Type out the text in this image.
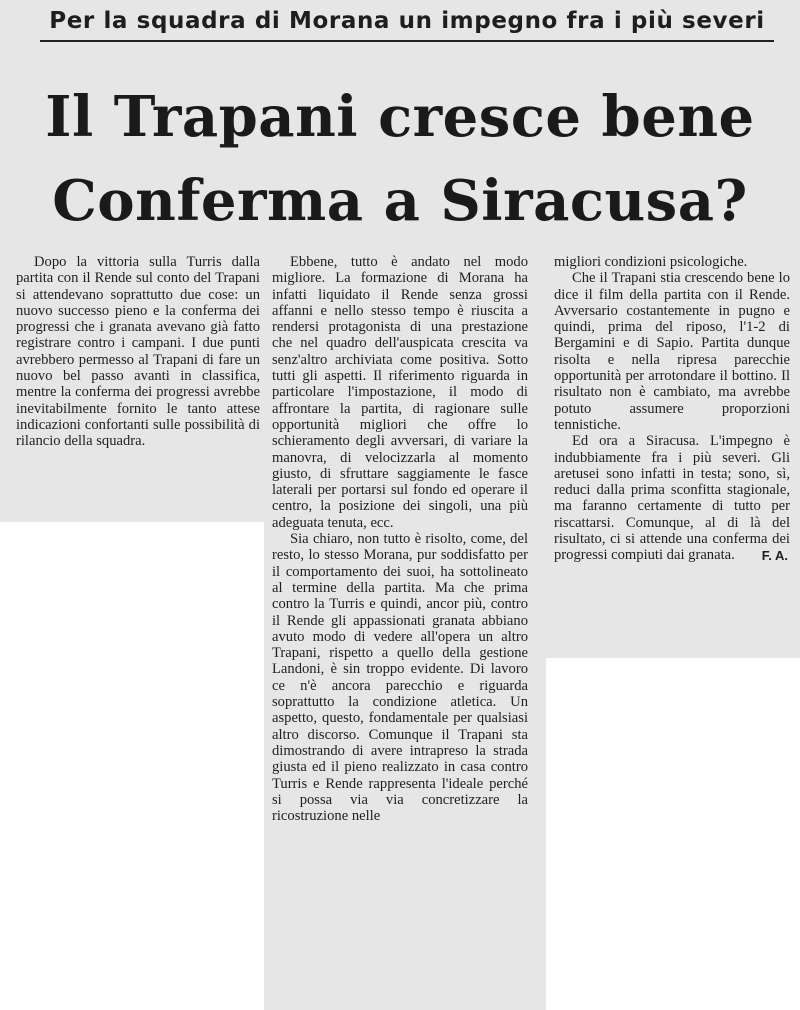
Per la squadra di Morana un impegno fra i più severi
Il Trapani cresce bene
Conferma a Siracusa?

Dopo la vittoria sulla Turris dalla partita con il Rende sul conto del Trapani si attendevano soprattutto due cose: un nuovo successo pieno e la conferma dei progressi che i granata avevano già fatto registrare contro i campani. I due punti avrebbero permesso al Trapani di fare un nuovo bel passo avanti in classifica, mentre la conferma dei progressi avrebbe inevitabilmente fornito le tanto attese indicazioni confortanti sulle possibilità di rilancio della squadra.

Ebbene, tutto è andato nel modo migliore. La formazione di Morana ha infatti liquidato il Rende senza grossi affanni e nello stesso tempo è riuscita a rendersi protagonista di una prestazione che nel quadro dell'auspicata crescita va senz'altro archiviata come positiva. Sotto tutti gli aspetti. Il riferimento riguarda in particolare l'impostazione, il modo di affrontare la partita, di ragionare sulle opportunità migliori che offre lo schieramento degli avversari, di variare la manovra, di velocizzarla al momento giusto, di sfruttare saggiamente le fasce laterali per portarsi sul fondo ed operare il centro, la posizione dei singoli, una più adeguata tenuta, ecc.

Sia chiaro, non tutto è risolto, come, del resto, lo stesso Morana, pur soddisfatto per il comportamento dei suoi, ha sottolineato al termine della partita. Ma che prima contro la Turris e quindi, ancor più, contro il Rende gli appassionati granata abbiano avuto modo di vedere all'opera un altro Trapani, rispetto a quello della gestione Landoni, è sin troppo evidente. Di lavoro ce n'è ancora parecchio e riguarda soprattutto la condizione atletica. Un aspetto, questo, fondamentale per qualsiasi altro discorso. Comunque il Trapani sta dimostrando di avere intrapreso la strada giusta ed il pieno realizzato in casa contro Turris e Rende rappresenta l'ideale perché si possa via via concretizzare la ricostruzione nelle

migliori condizioni psicologiche.

Che il Trapani stia crescendo bene lo dice il film della partita con il Rende. Avversario costantemente in pugno e quindi, prima del riposo, l'1-2 di Bergamini e di Sapio. Partita dunque risolta e nella ripresa parecchie opportunità per arrotondare il bottino. Il risultato non è cambiato, ma avrebbe potuto assumere proporzioni tennistiche.

Ed ora a Siracusa. L'impegno è indubbiamente fra i più severi. Gli aretusei sono infatti in testa; sono, sì, reduci dalla prima sconfitta stagionale, ma faranno certamente di tutto per riscattarsi. Comunque, al di là del risultato, ci si attende una conferma dei progressi compiuti dai granata.	F. A.
